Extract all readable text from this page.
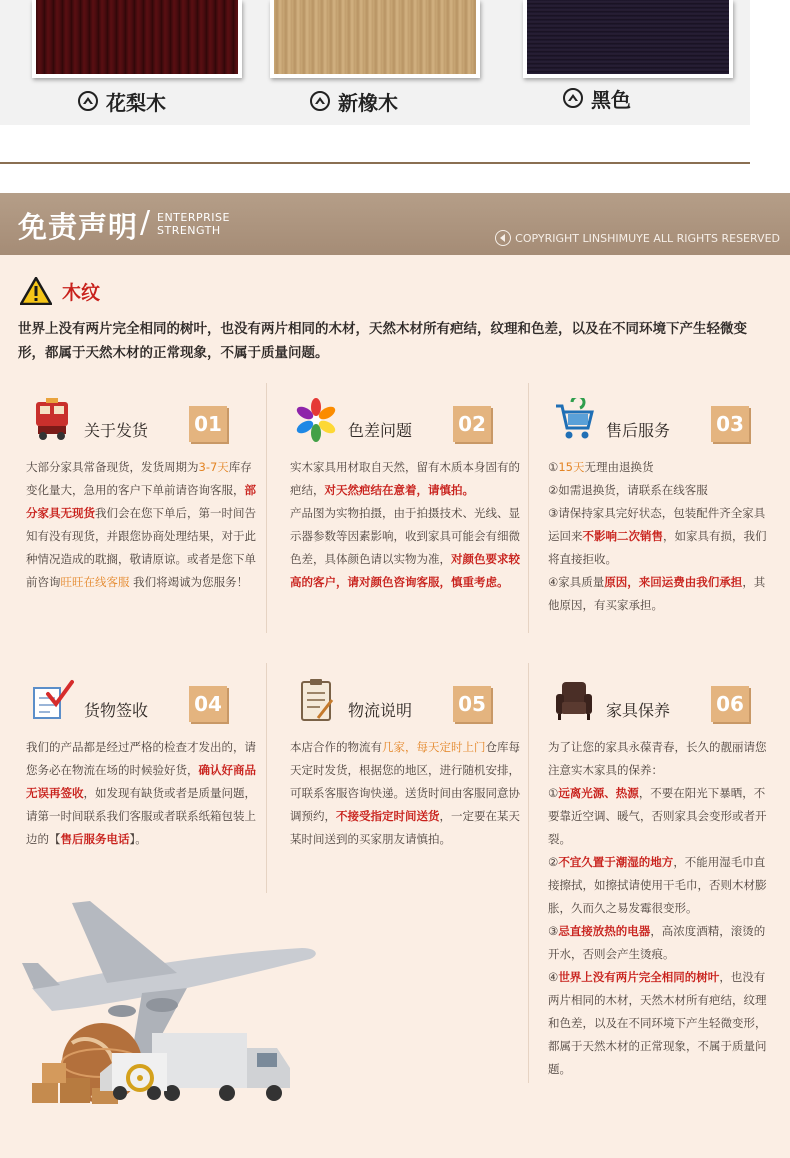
花梨木	新橡木	黑色
免责声明 / ENTERPRISE
STRENGTH
COPYRIGHT LINSHIMUYE ALL RIGHTS RESERVED
木纹
世界上没有两片完全相同的树叶，也没有两片相同的木材，天然木材所有疤结，纹理和色差，以及在不同环境下产生轻微变形，都属于天然木材的正常现象，不属于质量问题。
关于发货 01
大部分家具常备现货，发货周期为3-7天库存变化量大，急用的客户下单前请咨询客服，部分家具无现货我们会在您下单后，第一时间告知有没有现货，并跟您协商处理结果，对于此种情况造成的耽搁，敬请原谅。或者是您下单前咨询旺旺在线客服 我们将竭诚为您服务！
色差问题 02
实木家具用材取自天然，留有木质本身固有的疤结，对天然疤结在意着，请慎拍。
产品图为实物拍摄，由于拍摄技术、光线、显示器参数等因素影响，收到家具可能会有细微色差，具体颜色请以实物为准，对颜色要求较高的客户，请对颜色咨询客服，慎重考虑。
售后服务 03
①15天无理由退换货
②如需退换货，请联系在线客服
③请保持家具完好状态，包装配件齐全家具运回来不影响二次销售，如家具有损，我们将直接拒收。
④家具质量原因，来回运费由我们承担，其他原因，有买家承担。
货物签收 04
我们的产品都是经过严格的检查才发出的，请您务必在物流在场的时候验好货，确认好商品无误再签收，如发现有缺货或者是质量问题，请第一时间联系我们客服或者联系纸箱包装上边的【售后服务电话】。
物流说明 05
本店合作的物流有几家，每天定时上门仓库每天定时发货，根据您的地区，进行随机安排，可联系客服咨询快递。送货时间由客服同意协调预约，不接受指定时间送货，一定要在某天某时间送到的买家朋友请慎拍。
家具保养 06
为了让您的家具永葆青春，长久的靓丽请您注意实木家具的保养：
①远离光源、热源，不要在阳光下暴晒，不要靠近空调、暖气，否则家具会变形或者开裂。
②不宜久置于潮湿的地方，不能用湿毛巾直接擦拭，如擦拭请使用干毛巾，否则木材膨胀，久而久之易发霉很变形。
③忌直接放热的电器，高浓度酒精，滚烫的开水，否则会产生烫痕。
④世界上没有两片完全相同的树叶，也没有两片相同的木材，天然木材所有疤结，纹理和色差，以及在不同环境下产生轻微变形，都属于天然木材的正常现象，不属于质量问题。
